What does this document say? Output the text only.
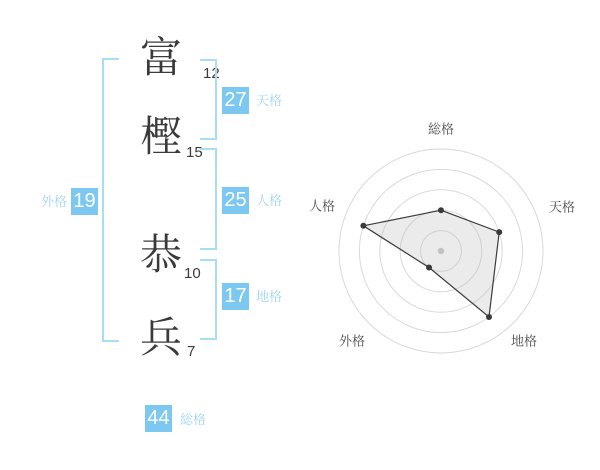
富
樫
恭
兵
12
15
10
7
外格 19
27 天格
25 人格
17 地格
44 総格
総格
天格
地格
外格
人格
